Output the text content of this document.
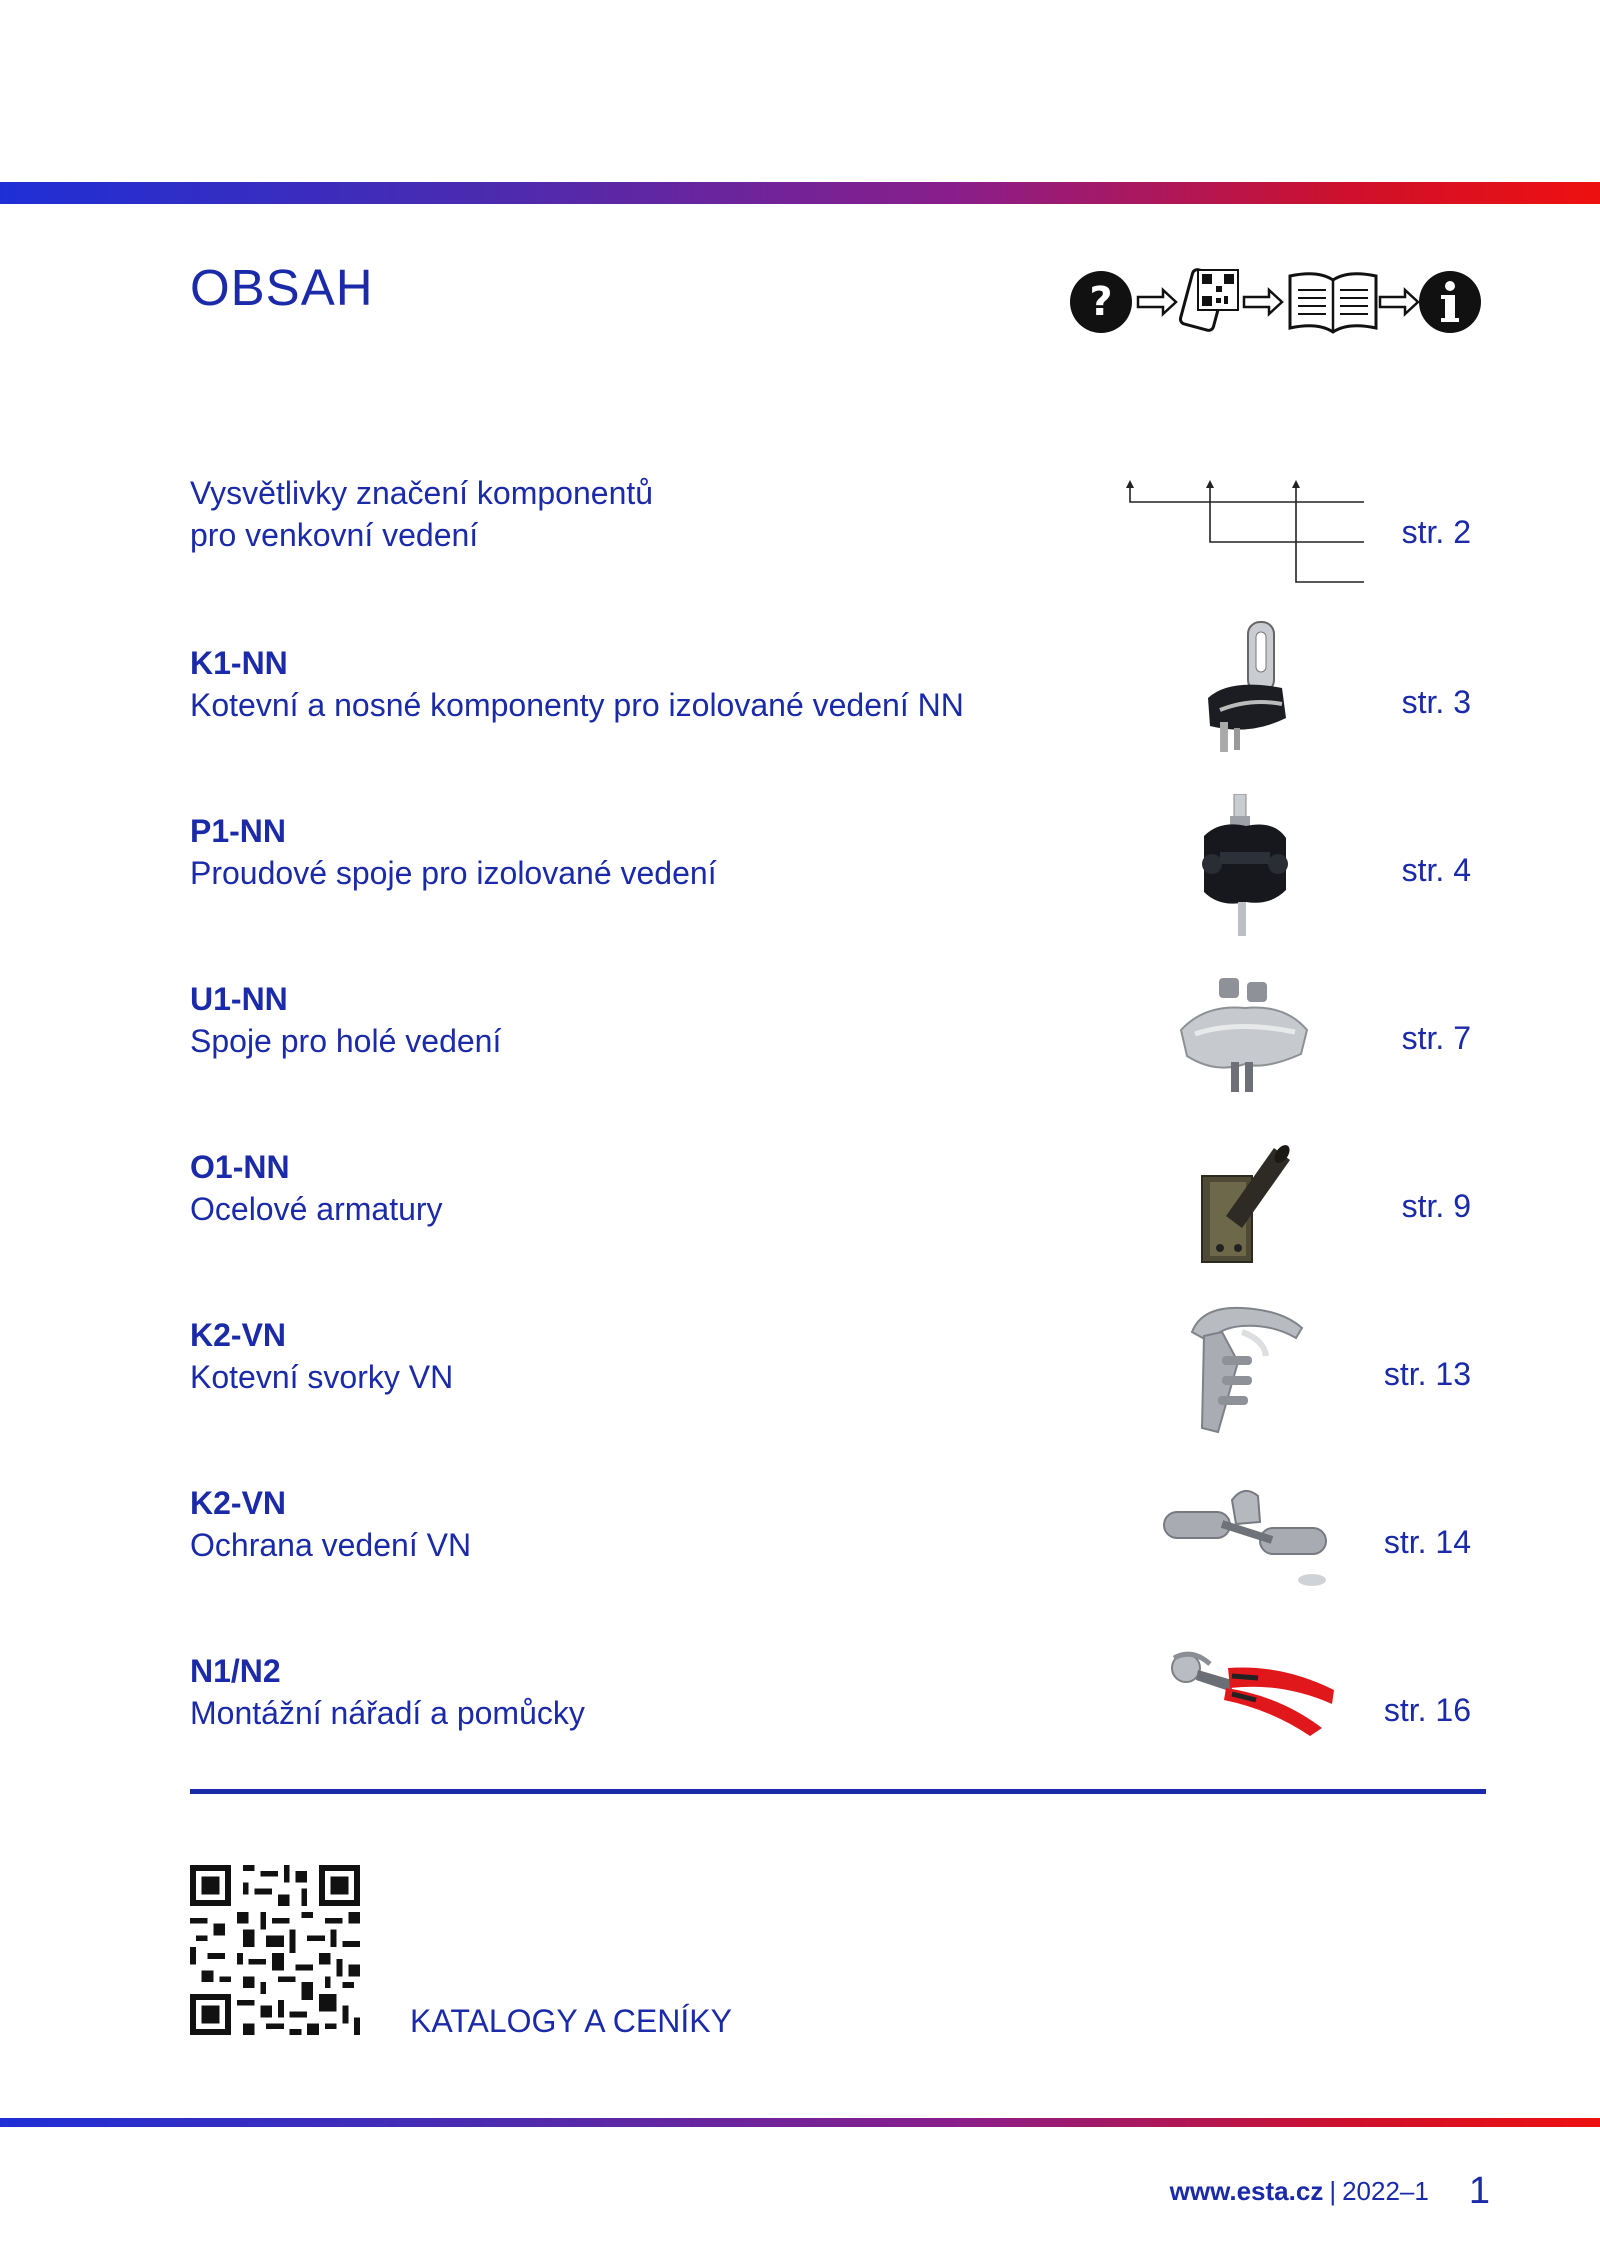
OBSAH	?
Vysvětlivky značení komponentů
pro venkovní vedení	str. 2
K1-NN
Kotevní a nosné komponenty pro izolované vedení NN	str. 3
P1-NN
Proudové spoje pro izolované vedení	str. 4
U1-NN
Spoje pro holé vedení	str. 7
O1-NN
Ocelové armatury	str. 9
K2-VN
Kotevní svorky VN	str. 13
K2-VN
Ochrana vedení VN	str. 14
N1/N2
Montážní nářadí a pomůcky	str. 16
KATALOGY A CENÍKY
www.esta.cz | 2022–1 1
